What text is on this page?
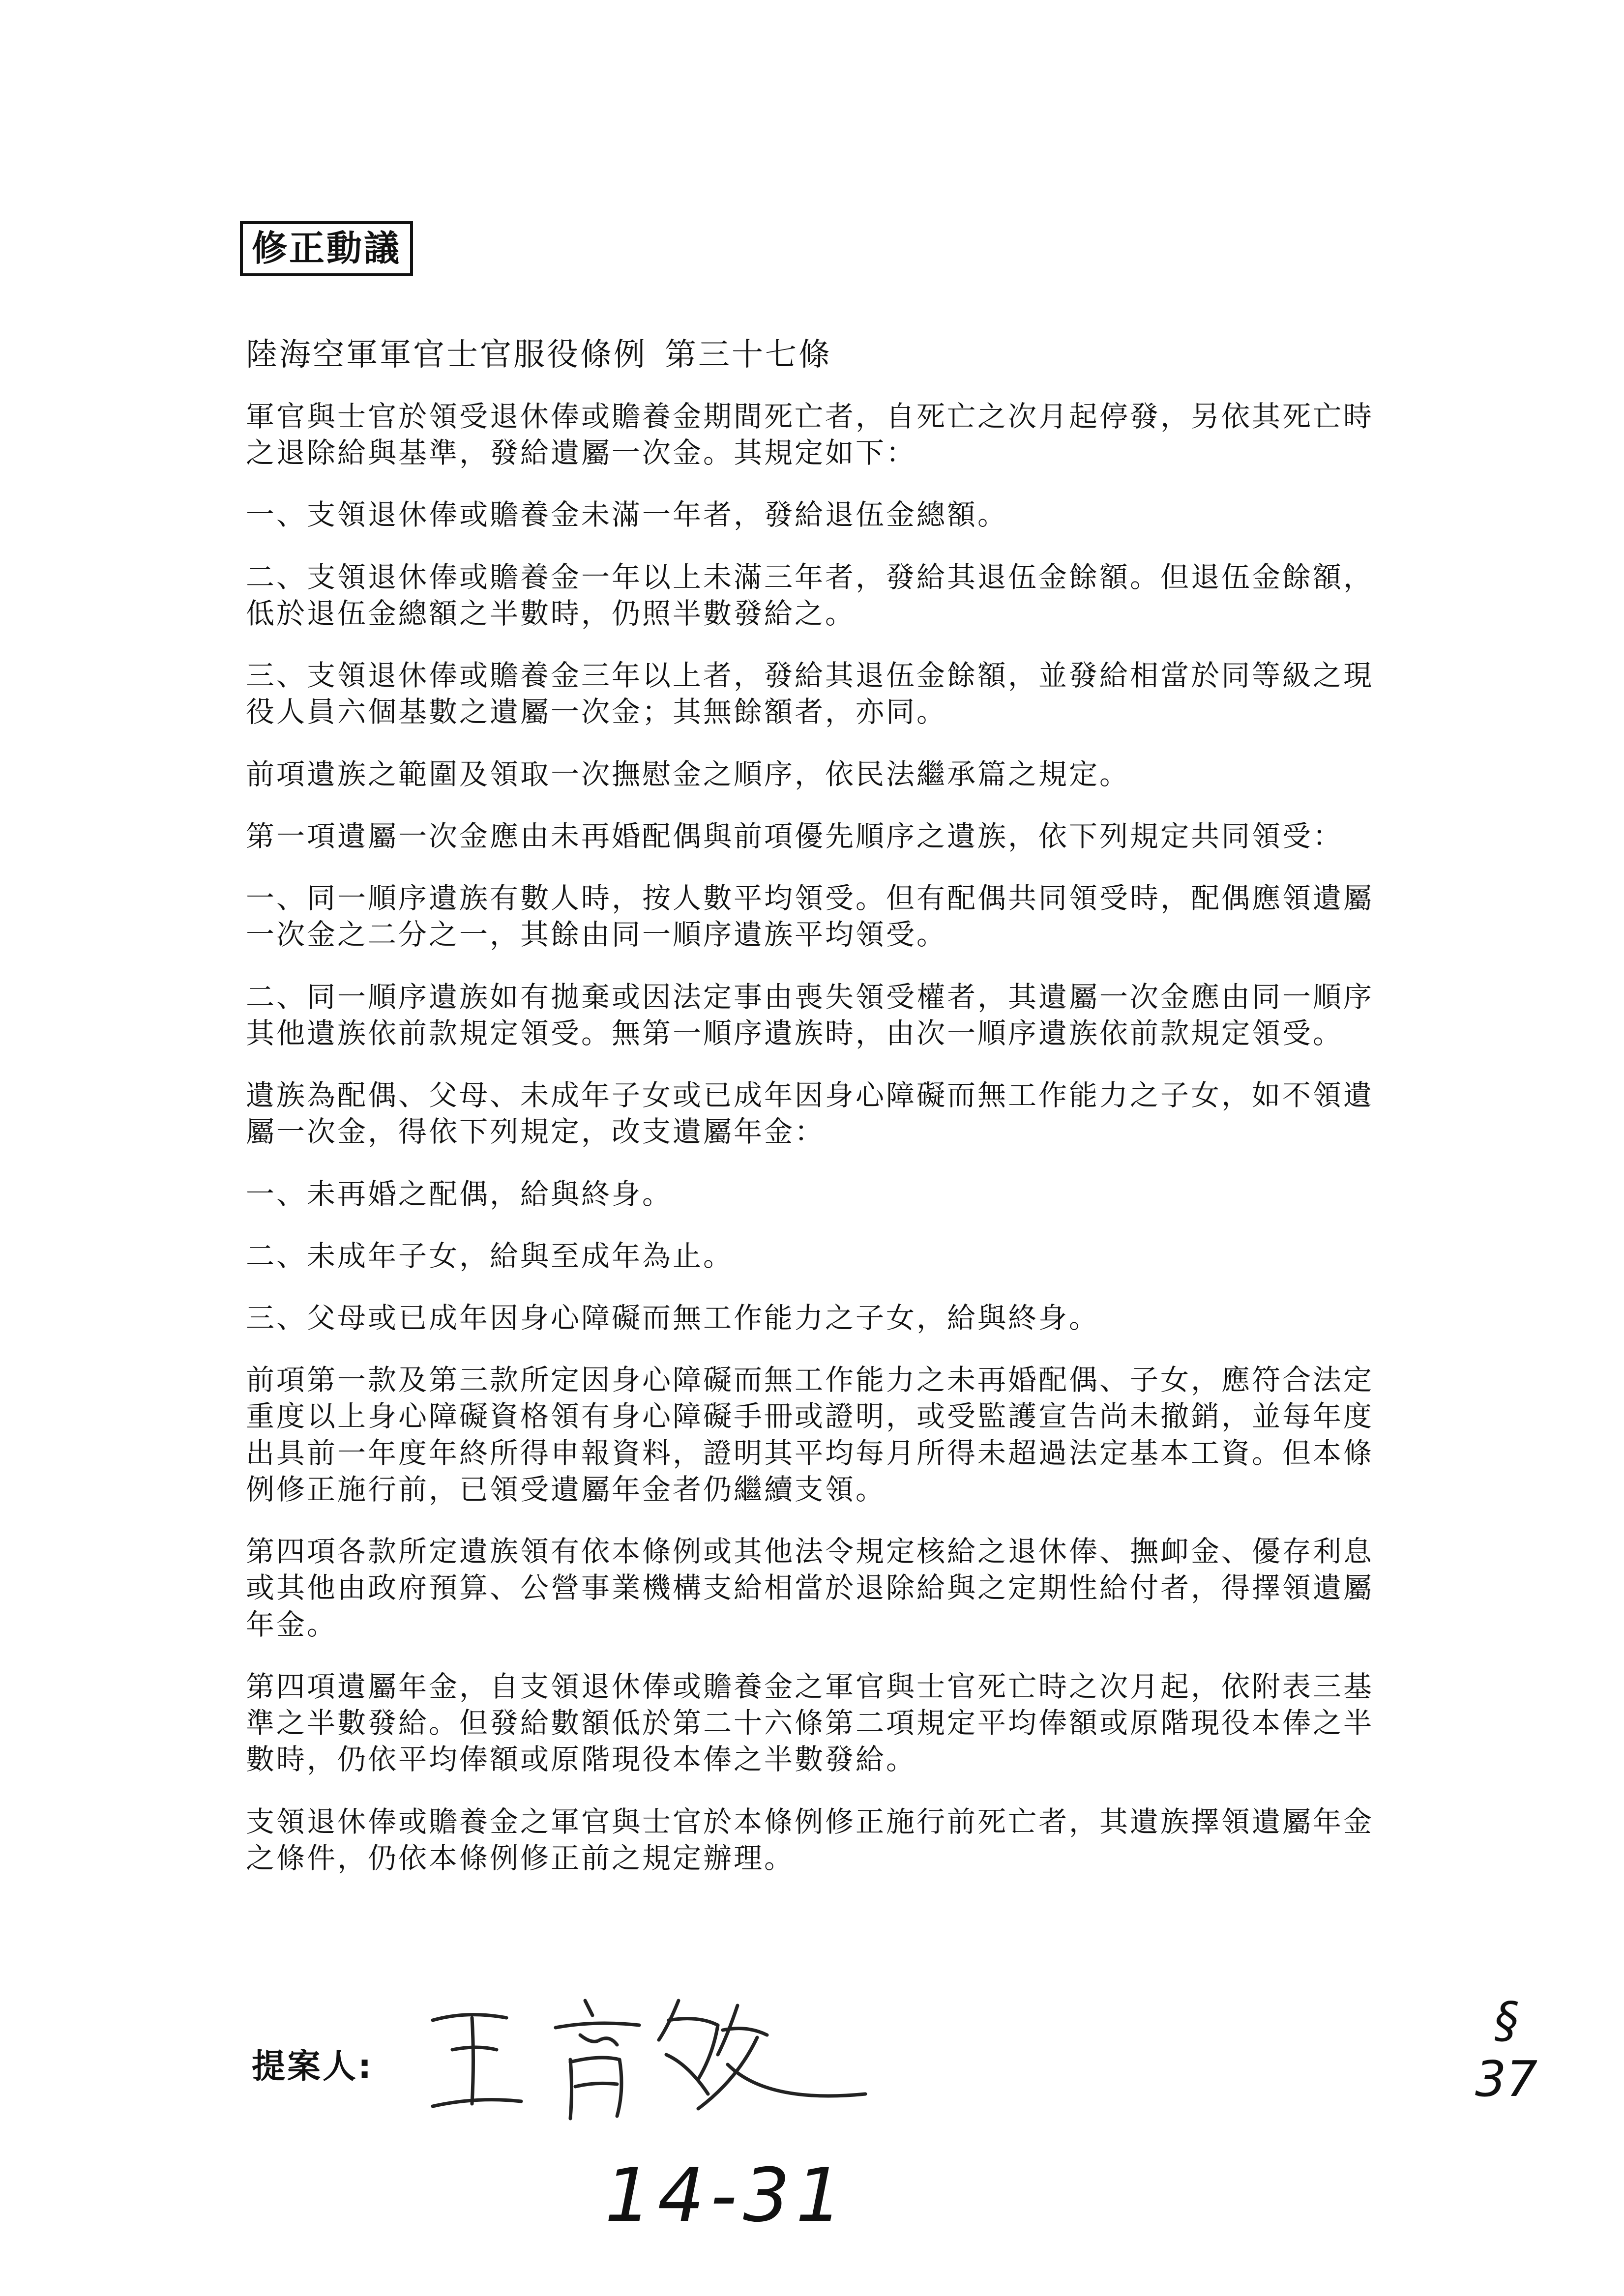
修正動議
陸海空軍軍官士官服役條例 第三十七條

軍官與士官於領受退休俸或贍養金期間死亡者，自死亡之次月起停發，另依其死亡時之退除給與基準，發給遺屬一次金。其規定如下：

一、支領退休俸或贍養金未滿一年者，發給退伍金總額。

二、支領退休俸或贍養金一年以上未滿三年者，發給其退伍金餘額。但退伍金餘額，低於退伍金總額之半數時，仍照半數發給之。

三、支領退休俸或贍養金三年以上者，發給其退伍金餘額，並發給相當於同等級之現役人員六個基數之遺屬一次金；其無餘額者，亦同。

前項遺族之範圍及領取一次撫慰金之順序，依民法繼承篇之規定。

第一項遺屬一次金應由未再婚配偶與前項優先順序之遺族，依下列規定共同領受：

一、同一順序遺族有數人時，按人數平均領受。但有配偶共同領受時，配偶應領遺屬一次金之二分之一，其餘由同一順序遺族平均領受。

二、同一順序遺族如有拋棄或因法定事由喪失領受權者，其遺屬一次金應由同一順序其他遺族依前款規定領受。無第一順序遺族時，由次一順序遺族依前款規定領受。

遺族為配偶、父母、未成年子女或已成年因身心障礙而無工作能力之子女，如不領遺屬一次金，得依下列規定，改支遺屬年金：

一、未再婚之配偶，給與終身。

二、未成年子女，給與至成年為止。

三、父母或已成年因身心障礙而無工作能力之子女，給與終身。

前項第一款及第三款所定因身心障礙而無工作能力之未再婚配偶、子女，應符合法定重度以上身心障礙資格領有身心障礙手冊或證明，或受監護宣告尚未撤銷，並每年度出具前一年度年終所得申報資料，證明其平均每月所得未超過法定基本工資。但本條例修正施行前，已領受遺屬年金者仍繼續支領。

第四項各款所定遺族領有依本條例或其他法令規定核給之退休俸、撫卹金、優存利息或其他由政府預算、公營事業機構支給相當於退除給與之定期性給付者，得擇領遺屬年金。

第四項遺屬年金，自支領退休俸或贍養金之軍官與士官死亡時之次月起，依附表三基準之半數發給。但發給數額低於第二十六條第二項規定平均俸額或原階現役本俸之半數時，仍依平均俸額或原階現役本俸之半數發給。

支領退休俸或贍養金之軍官與士官於本條例修正施行前死亡者，其遺族擇領遺屬年金之條件，仍依本條例修正前之規定辦理。

提案人:
14-31
§
37
